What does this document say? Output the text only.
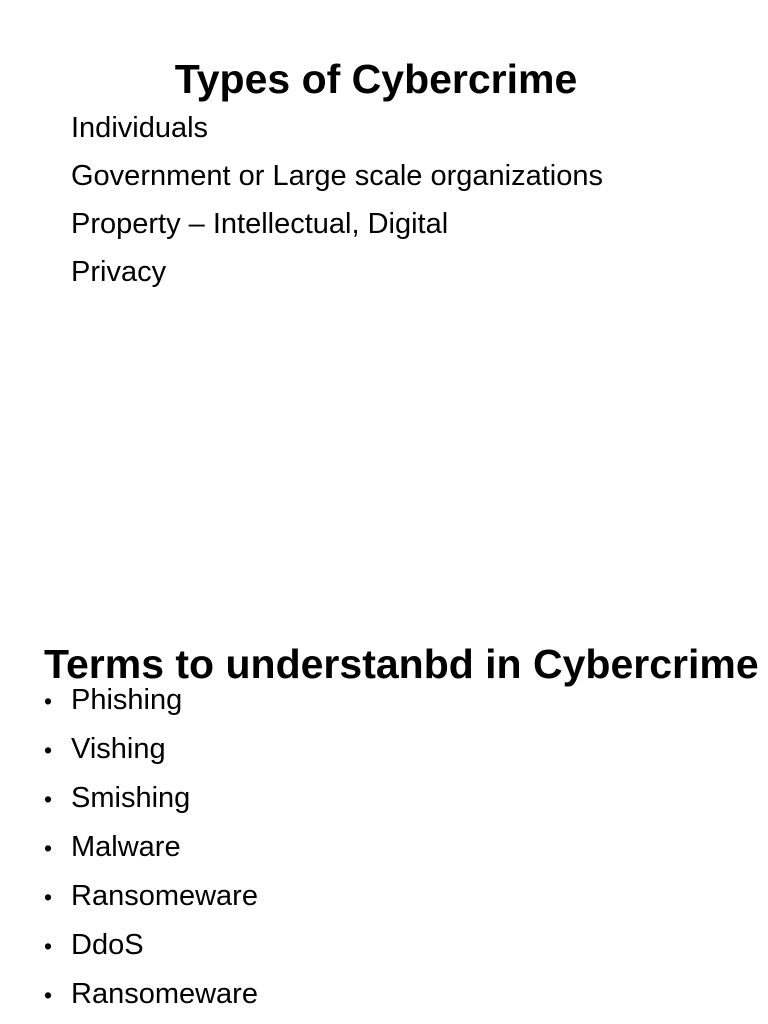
Types of Cybercrime
Individuals
Government or Large scale organizations
Property – Intellectual, Digital
Privacy
Terms to understanbd in Cybercrime
• Phishing
• Vishing
• Smishing
• Malware
• Ransomeware
• DdoS
• Ransomeware
